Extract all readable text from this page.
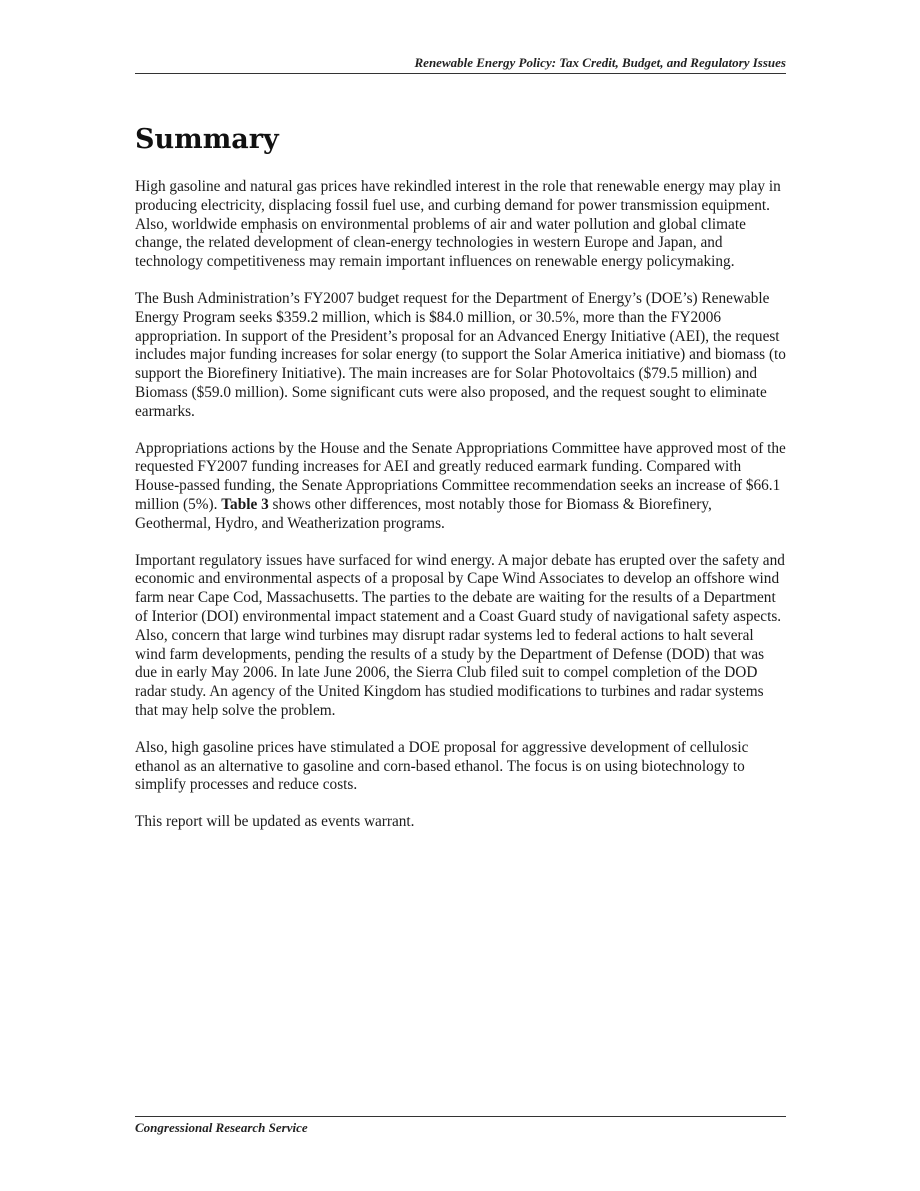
Renewable Energy Policy: Tax Credit, Budget, and Regulatory Issues
Summary

High gasoline and natural gas prices have rekindled interest in the role that renewable energy may play in producing electricity, displacing fossil fuel use, and curbing demand for power transmission equipment. Also, worldwide emphasis on environmental problems of air and water pollution and global climate change, the related development of clean-energy technologies in western Europe and Japan, and technology competitiveness may remain important influences on renewable energy policymaking.

The Bush Administration’s FY2007 budget request for the Department of Energy’s (DOE’s) Renewable Energy Program seeks $359.2 million, which is $84.0 million, or 30.5%, more than the FY2006 appropriation. In support of the President’s proposal for an Advanced Energy Initiative (AEI), the request includes major funding increases for solar energy (to support the Solar America initiative) and biomass (to support the Biorefinery Initiative). The main increases are for Solar Photovoltaics ($79.5 million) and Biomass ($59.0 million). Some significant cuts were also proposed, and the request sought to eliminate earmarks.

Appropriations actions by the House and the Senate Appropriations Committee have approved most of the requested FY2007 funding increases for AEI and greatly reduced earmark funding. Compared with House-passed funding, the Senate Appropriations Committee recommendation seeks an increase of $66.1 million (5%). Table 3 shows other differences, most notably those for Biomass & Biorefinery, Geothermal, Hydro, and Weatherization programs.

Important regulatory issues have surfaced for wind energy. A major debate has erupted over the safety and economic and environmental aspects of a proposal by Cape Wind Associates to develop an offshore wind farm near Cape Cod, Massachusetts. The parties to the debate are waiting for the results of a Department of Interior (DOI) environmental impact statement and a Coast Guard study of navigational safety aspects. Also, concern that large wind turbines may disrupt radar systems led to federal actions to halt several wind farm developments, pending the results of a study by the Department of Defense (DOD) that was due in early May 2006. In late June 2006, the Sierra Club filed suit to compel completion of the DOD radar study. An agency of the United Kingdom has studied modifications to turbines and radar systems that may help solve the problem.

Also, high gasoline prices have stimulated a DOE proposal for aggressive development of cellulosic ethanol as an alternative to gasoline and corn-based ethanol. The focus is on using biotechnology to simplify processes and reduce costs.

This report will be updated as events warrant.

Congressional Research Service
